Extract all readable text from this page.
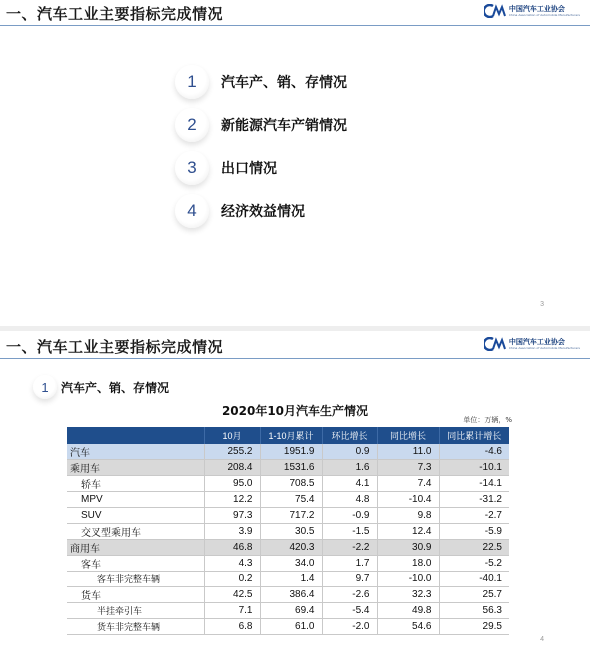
一、汽车工业主要指标完成情况	中国汽车工业协会
China Association of Automobile Manufacturers
1	汽车产、销、存情况
2	新能源汽车产销情况
3	出口情况
4	经济效益情况
3
一、汽车工业主要指标完成情况	中国汽车工业协会
China Association of Automobile Manufacturers
1	汽车产、销、存情况
2020年10月汽车生产情况
单位：万辆，%
	10月	1-10月累计	环比增长	同比增长	同比累计增长
汽车	255.2	1951.9	0.9	11.0	-4.6
乘用车	208.4	1531.6	1.6	7.3	-10.1
轿车	95.0	708.5	4.1	7.4	-14.1
MPV	12.2	75.4	4.8	-10.4	-31.2
SUV	97.3	717.2	-0.9	9.8	-2.7
交叉型乘用车	3.9	30.5	-1.5	12.4	-5.9
商用车	46.8	420.3	-2.2	30.9	22.5
客车	4.3	34.0	1.7	18.0	-5.2
客车非完整车辆	0.2	1.4	9.7	-10.0	-40.1
货车	42.5	386.4	-2.6	32.3	25.7
半挂牵引车	7.1	69.4	-5.4	49.8	56.3
货车非完整车辆	6.8	61.0	-2.0	54.6	29.5
4
